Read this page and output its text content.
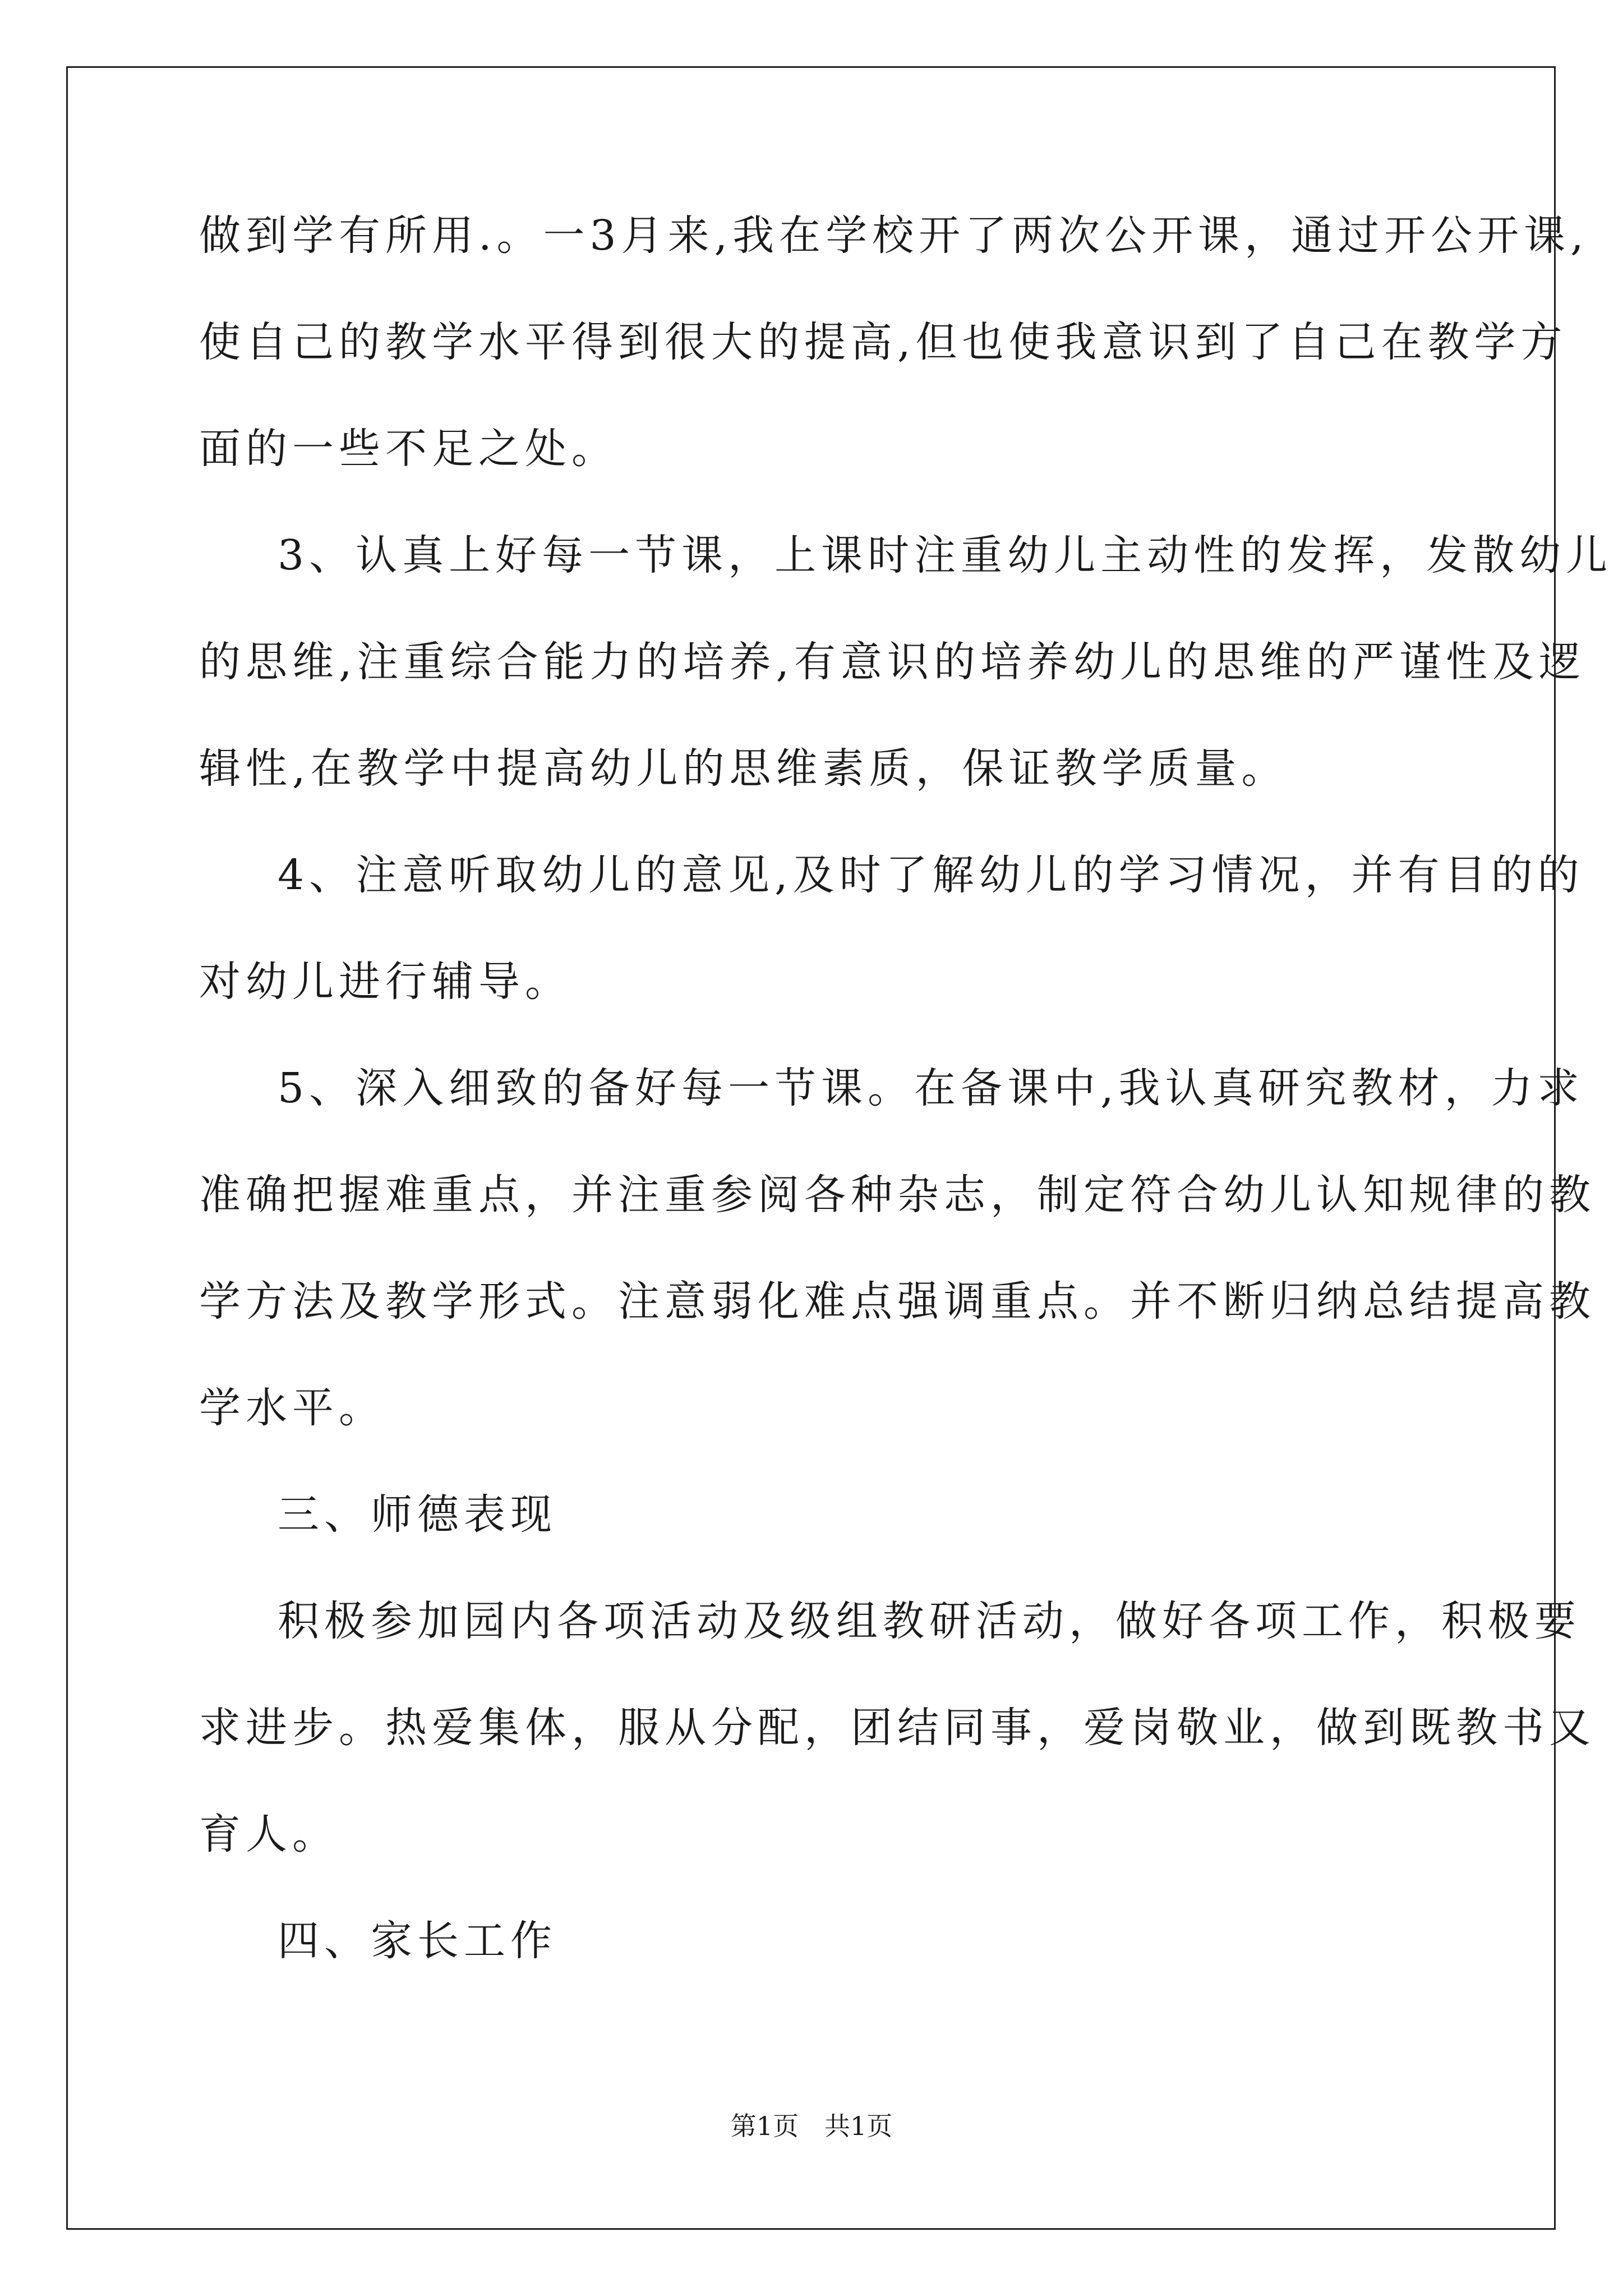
做到学有所用.。一3月来,我在学校开了两次公开课，通过开公开课,
使自己的教学水平得到很大的提高,但也使我意识到了自己在教学方
面的一些不足之处。
3、认真上好每一节课，上课时注重幼儿主动性的发挥，发散幼儿
的思维,注重综合能力的培养,有意识的培养幼儿的思维的严谨性及逻
辑性,在教学中提高幼儿的思维素质，保证教学质量。
4、注意听取幼儿的意见,及时了解幼儿的学习情况，并有目的的
对幼儿进行辅导。
5、深入细致的备好每一节课。在备课中,我认真研究教材，力求
准确把握难重点，并注重参阅各种杂志，制定符合幼儿认知规律的教
学方法及教学形式。注意弱化难点强调重点。并不断归纳总结提高教
学水平。
三、师德表现
积极参加园内各项活动及级组教研活动，做好各项工作，积极要
求进步。热爱集体，服从分配，团结同事，爱岗敬业，做到既教书又
育人。
四、家长工作
第1页　共1页
